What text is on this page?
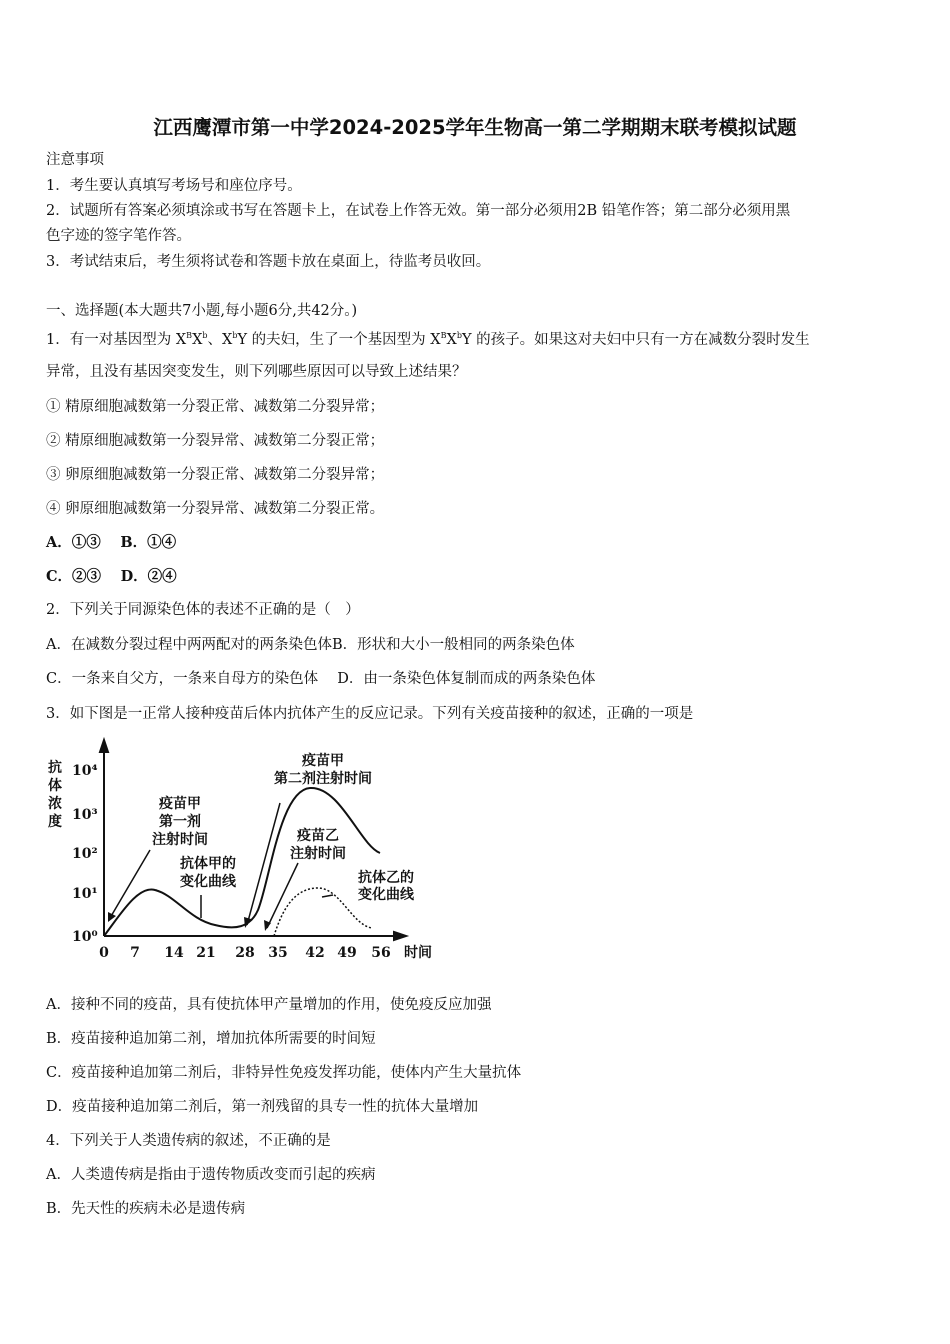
江西鹰潭市第一中学2024-2025学年生物高一第二学期期末联考模拟试题
注意事项
1．考生要认真填写考场号和座位序号。
2．试题所有答案必须填涂或书写在答题卡上，在试卷上作答无效。第一部分必须用2B 铅笔作答；第二部分必须用黑
色字迹的签字笔作答。
3．考试结束后，考生须将试卷和答题卡放在桌面上，待监考员收回。
一、选择题(本大题共7小题,每小题6分,共42分。)
1．有一对基因型为 $X^BX^b$、$X^bY$ 的夫妇，生了一个基因型为 $X^BX^bY$ 的孩子。如果这对夫妇中只有一方在减数分裂时发生
异常，且没有基因突变发生，则下列哪些原因可以导致上述结果？
① 精原细胞减数第一分裂正常、减数第二分裂异常；
② 精原细胞减数第一分裂异常、减数第二分裂正常；
③ 卵原细胞减数第一分裂正常、减数第二分裂异常；
④ 卵原细胞减数第一分裂异常、减数第二分裂正常。
A．①③　 B．①④
C．②③　 D．②④
2．下列关于同源染色体的表述不正确的是（　）
A．在减数分裂过程中两两配对的两条染色体B．形状和大小一般相同的两条染色体
C．一条来自父方，一条来自母方的染色体　 D．由一条染色体复制而成的两条染色体
3．如下图是一正常人接种疫苗后体内抗体产生的反应记录。下列有关疫苗接种的叙述，正确的一项是
抗
体
浓
度
10⁰
10¹
10²
10³
10⁴
0 7 14 21 28 35 42 49 56 时间
疫苗甲
第一剂
注射时间
抗体甲的
变化曲线
疫苗甲
第二剂注射时间
疫苗乙
注射时间
抗体乙的
变化曲线
A．接种不同的疫苗，具有使抗体甲产量增加的作用，使免疫反应加强
B．疫苗接种追加第二剂，增加抗体所需要的时间短
C．疫苗接种追加第二剂后，非特异性免疫发挥功能，使体内产生大量抗体
D．疫苗接种追加第二剂后，第一剂残留的具专一性的抗体大量增加
4．下列关于人类遗传病的叙述，不正确的是
A．人类遗传病是指由于遗传物质改变而引起的疾病
B．先天性的疾病未必是遗传病
